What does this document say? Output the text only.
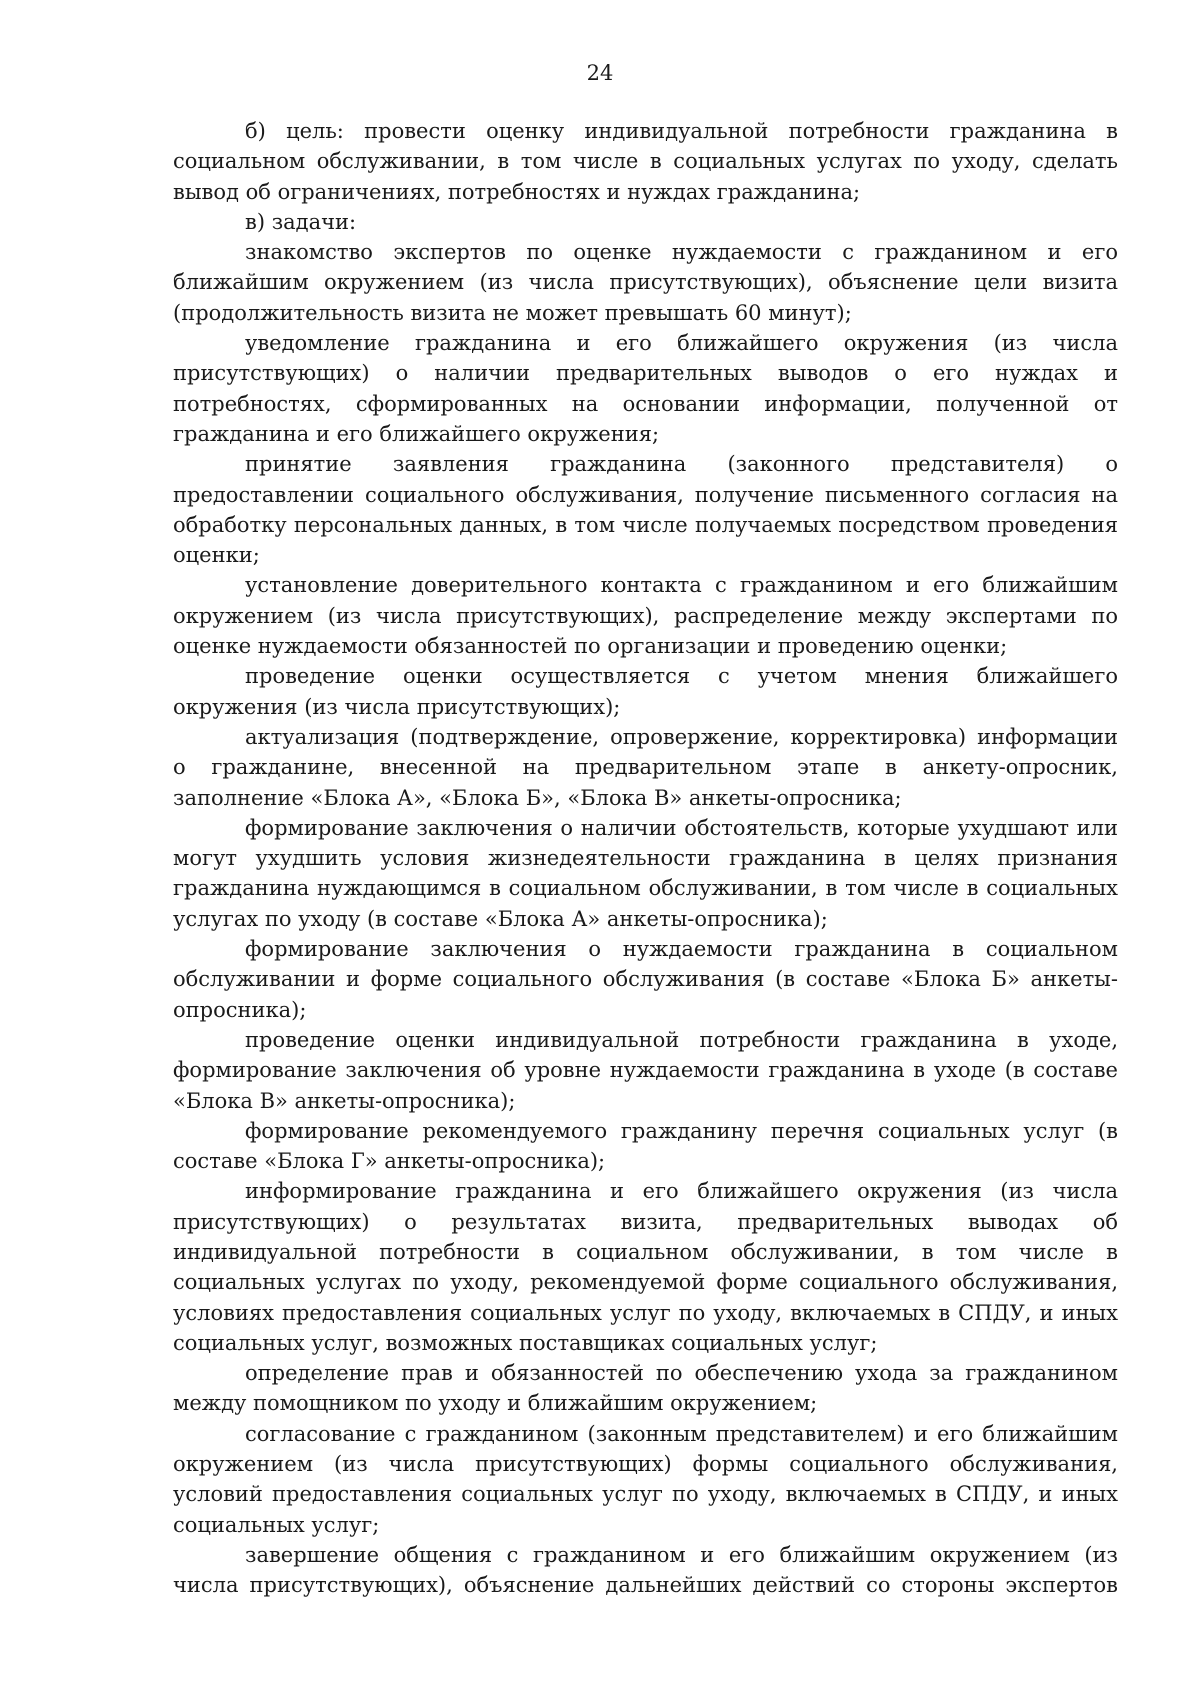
24

б) цель: провести оценку индивидуальной потребности гражданина в социальном обслуживании, в том числе в социальных услугах по уходу, сделать вывод об ограничениях, потребностях и нуждах гражданина;

в) задачи:

знакомство экспертов по оценке нуждаемости с гражданином и его ближайшим окружением (из числа присутствующих), объяснение цели визита (продолжительность визита не может превышать 60 минут);

уведомление гражданина и его ближайшего окружения (из числа присутствующих) о наличии предварительных выводов о его нуждах и потребностях, сформированных на основании информации, полученной от гражданина и его ближайшего окружения;

принятие заявления гражданина (законного представителя) о предоставлении социального обслуживания, получение письменного согласия на обработку персональных данных, в том числе получаемых посредством проведения оценки;

установление доверительного контакта с гражданином и его ближайшим окружением (из числа присутствующих), распределение между экспертами по оценке нуждаемости обязанностей по организации и проведению оценки;

проведение оценки осуществляется с учетом мнения ближайшего окружения (из числа присутствующих);

актуализация (подтверждение, опровержение, корректировка) информации о гражданине, внесенной на предварительном этапе в анкету-опросник, заполнение «Блока А», «Блока Б», «Блока В» анкеты-опросника;

формирование заключения о наличии обстоятельств, которые ухудшают или могут ухудшить условия жизнедеятельности гражданина в целях признания гражданина нуждающимся в социальном обслуживании, в том числе в социальных услугах по уходу (в составе «Блока А» анкеты-опросника);

формирование заключения о нуждаемости гражданина в социальном обслуживании и форме социального обслуживания (в составе «Блока Б» анкеты-опросника);

проведение оценки индивидуальной потребности гражданина в уходе, формирование заключения об уровне нуждаемости гражданина в уходе (в составе «Блока В» анкеты-опросника);

формирование рекомендуемого гражданину перечня социальных услуг (в составе «Блока Г» анкеты-опросника);

информирование гражданина и его ближайшего окружения (из числа присутствующих) о результатах визита, предварительных выводах об индивидуальной потребности в социальном обслуживании, в том числе в социальных услугах по уходу, рекомендуемой форме социального обслуживания, условиях предоставления социальных услуг по уходу, включаемых в СПДУ, и иных социальных услуг, возможных поставщиках социальных услуг;

определение прав и обязанностей по обеспечению ухода за гражданином между помощником по уходу и ближайшим окружением;

согласование с гражданином (законным представителем) и его ближайшим окружением (из числа присутствующих) формы социального обслуживания, условий предоставления социальных услуг по уходу, включаемых в СПДУ, и иных социальных услуг;

завершение общения с гражданином и его ближайшим окружением (из числа присутствующих), объяснение дальнейших действий со стороны экспертов
